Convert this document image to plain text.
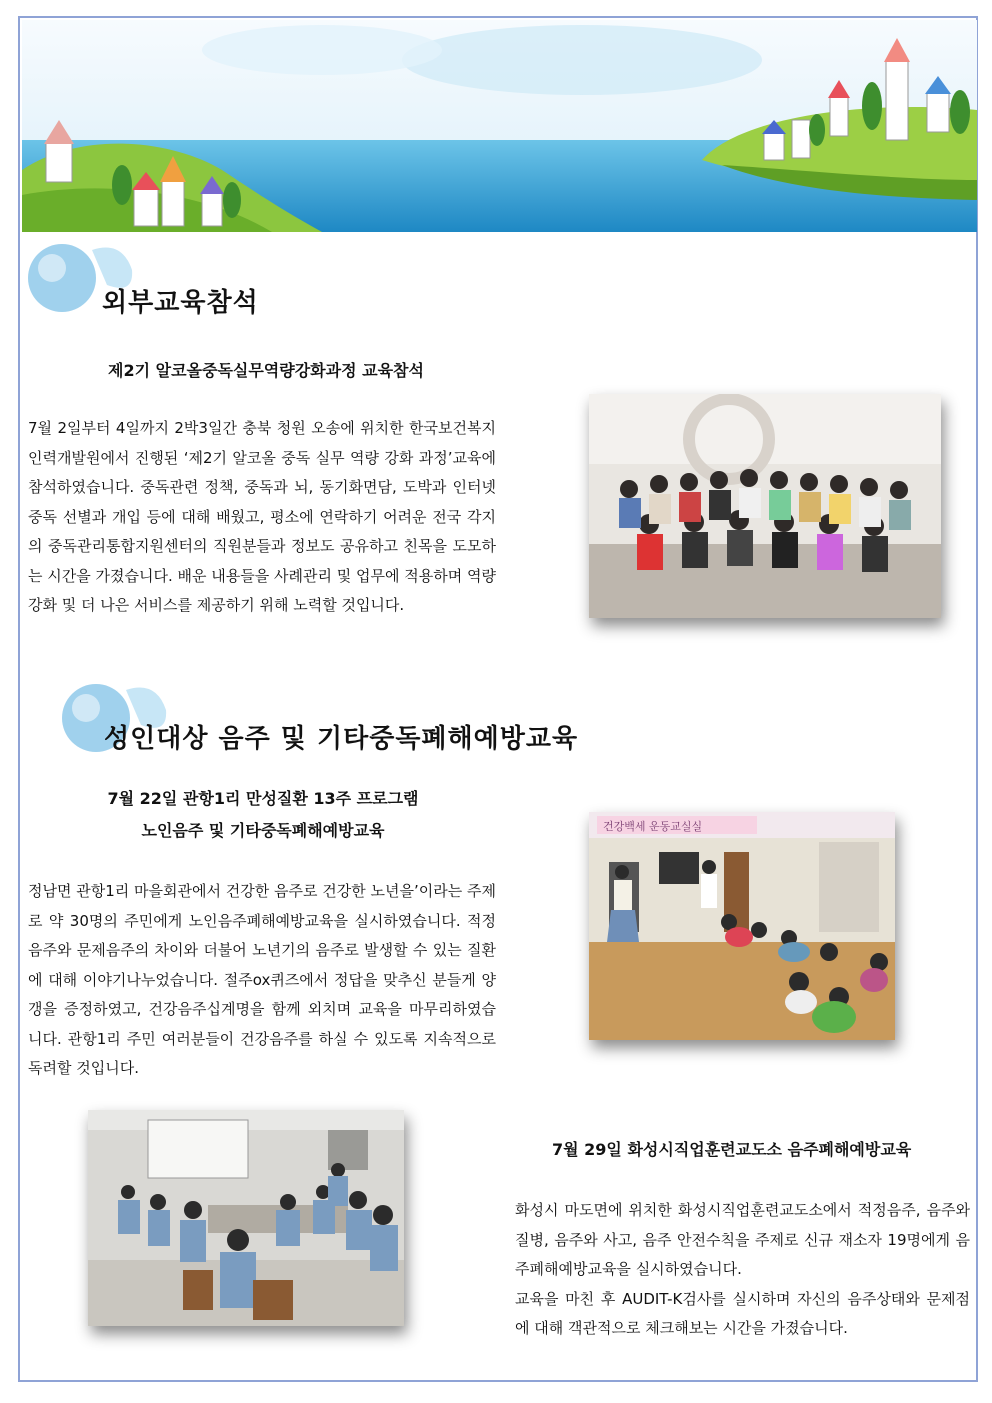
외부교육참석
제2기 알코올중독실무역량강화과정 교육참석
7월 2일부터 4일까지 2박3일간 충북 청원 오송에 위치한 한국보건복지인력개발원에서 진행된 ‘제2기 알코올 중독 실무 역량 강화 과정’교육에 참석하였습니다. 중독관련 정책, 중독과 뇌, 동기화면담, 도박과 인터넷 중독 선별과 개입 등에 대해 배웠고, 평소에 연락하기 어려운 전국 각지의 중독관리통합지원센터의 직원분들과 정보도 공유하고 친목을 도모하는 시간을 가졌습니다. 배운 내용들을 사례관리 및 업무에 적용하며 역량강화 및 더 나은 서비스를 제공하기 위해 노력할 것입니다.
성인대상 음주 및 기타중독폐해예방교육
7월 22일 관항1리 만성질환 13주 프로그램
노인음주 및 기타중독폐해예방교육
정남면 관항1리 마을회관에서 건강한 음주로 건강한 노년을’이라는 주제로 약 30명의 주민에게 노인음주폐해예방교육을 실시하였습니다. 적정음주와 문제음주의 차이와 더불어 노년기의 음주로 발생할 수 있는 질환에 대해 이야기나누었습니다. 절주ox퀴즈에서 정답을 맞추신 분들게 양갱을 증정하였고, 건강음주십계명을 함께 외치며 교육을 마무리하였습니다. 관항1리 주민 여러분들이 건강음주를 하실 수 있도록 지속적으로 독려할 것입니다.
건강백세 운동교실실
7월 29일 화성시직업훈련교도소 음주폐해예방교육

화성시 마도면에 위치한 화성시직업훈련교도소에서 적정음주, 음주와 질병, 음주와 사고, 음주 안전수칙을 주제로 신규 재소자 19명에게 음주폐해예방교육을 실시하였습니다.

교육을 마친 후 AUDIT-K검사를 실시하며 자신의 음주상태와 문제점에 대해 객관적으로 체크해보는 시간을 가졌습니다.
